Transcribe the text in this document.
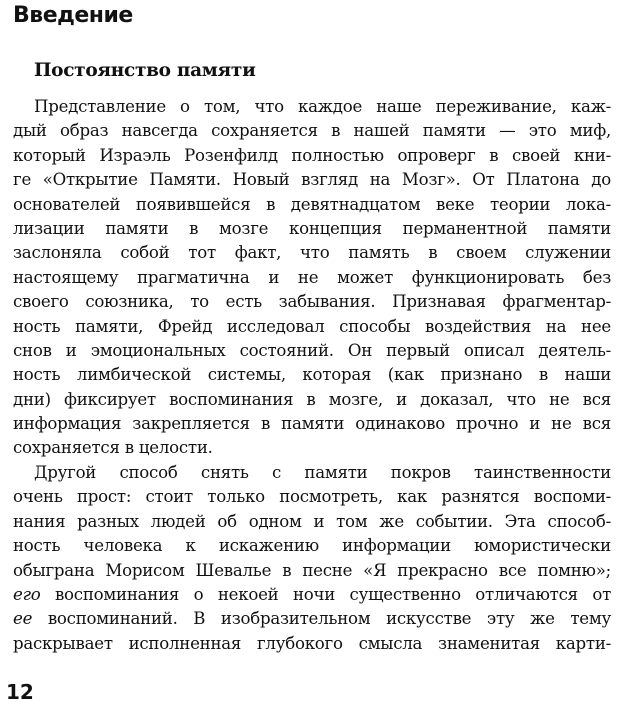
Введение
Постоянство памяти
Представление о том, что каждое наше переживание, каж-
дый образ навсегда сохраняется в нашей памяти — это миф,
который Израэль Розенфилд полностью опроверг в своей кни-
ге «Открытие Памяти. Новый взгляд на Мозг». От Платона до
основателей появившейся в девятнадцатом веке теории лока-
лизации памяти в мозге концепция перманентной памяти
заслоняла собой тот факт, что память в своем служении
настоящему прагматична и не может функционировать без
своего союзника, то есть забывания. Признавая фрагментар-
ность памяти, Фрейд исследовал способы воздействия на нее
снов и эмоциональных состояний. Он первый описал деятель-
ность лимбической системы, которая (как признано в наши
дни) фиксирует воспоминания в мозге, и доказал, что не вся
информация закрепляется в памяти одинаково прочно и не вся
сохраняется в целости.
Другой способ снять с памяти покров таинственности
очень прост: стоит только посмотреть, как разнятся воспоми-
нания разных людей об одном и том же событии. Эта способ-
ность человека к искажению информации юмористически
обыграна Морисом Шевалье в песне «Я прекрасно все помню»;
его воспоминания о некоей ночи существенно отличаются от
ее воспоминаний. В изобразительном искусстве эту же тему
раскрывает исполненная глубокого смысла знаменитая карти-
12
